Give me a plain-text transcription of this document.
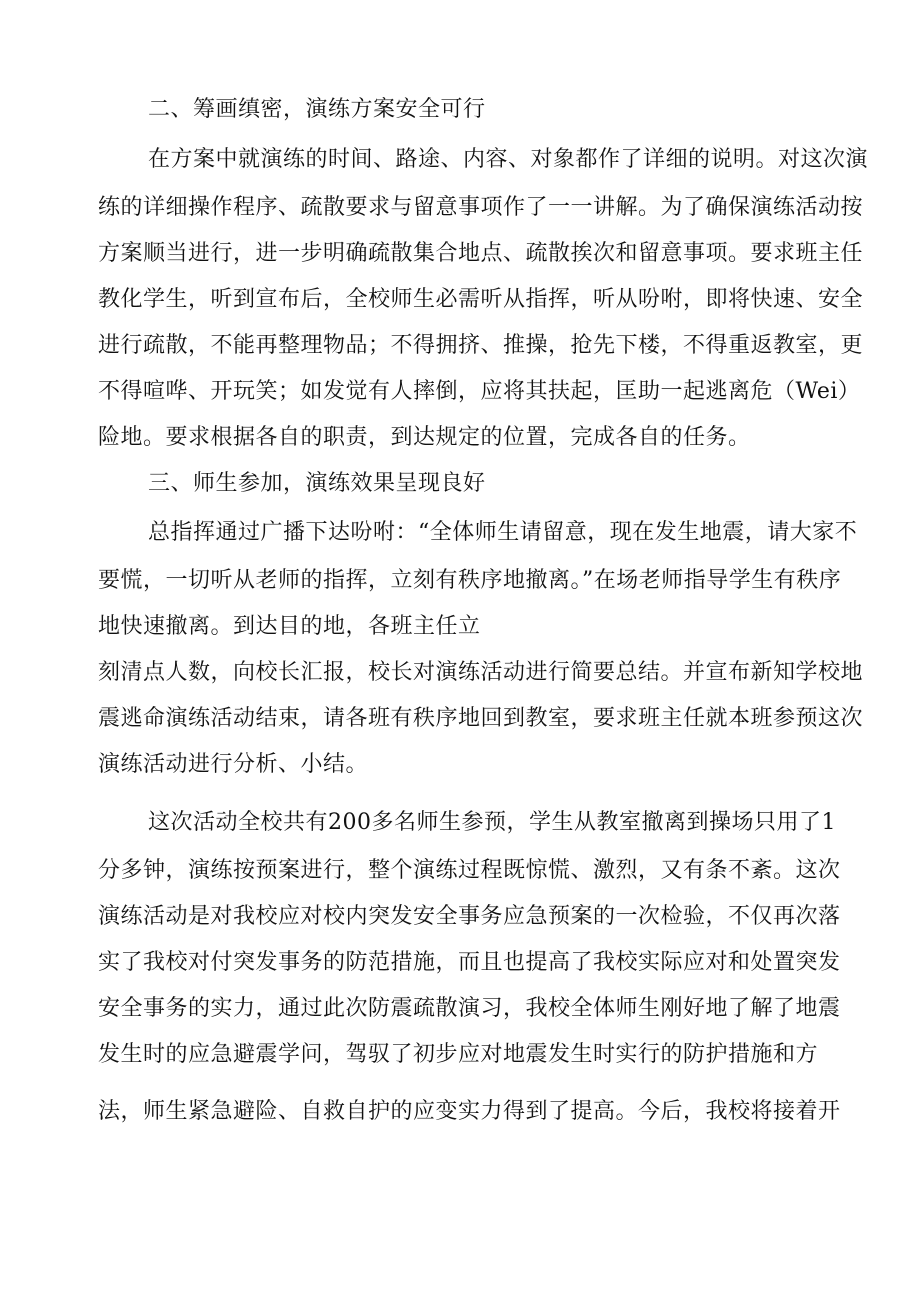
二、筹画缜密，演练方案安全可行
在方案中就演练的时间、路途、内容、对象都作了详细的说明。对这次演
练的详细操作程序、疏散要求与留意事项作了一一讲解。为了确保演练活动按
方案顺当进行，进一步明确疏散集合地点、疏散挨次和留意事项。要求班主任
教化学生，听到宣布后，全校师生必需听从指挥，听从吩咐，即将快速、安全
进行疏散，不能再整理物品；不得拥挤、推操，抢先下楼，不得重返教室，更
不得喧哗、开玩笑；如发觉有人摔倒，应将其扶起，匡助一起逃离危（Wei）
险地。要求根据各自的职责，到达规定的位置，完成各自的任务。
三、师生参加，演练效果呈现良好
总指挥通过广播下达吩咐：“全体师生请留意，现在发生地震，请大家不
要慌，一切听从老师的指挥，立刻有秩序地撤离。”在场老师指导学生有秩序
地快速撤离。到达目的地，各班主任立
刻清点人数，向校长汇报，校长对演练活动进行简要总结。并宣布新知学校地
震逃命演练活动结束，请各班有秩序地回到教室，要求班主任就本班参预这次
演练活动进行分析、小结。
这次活动全校共有200多名师生参预，学生从教室撤离到操场只用了1
分多钟，演练按预案进行，整个演练过程既惊慌、激烈，又有条不紊。这次
演练活动是对我校应对校内突发安全事务应急预案的一次检验，不仅再次落
实了我校对付突发事务的防范措施，而且也提高了我校实际应对和处置突发
安全事务的实力，通过此次防震疏散演习，我校全体师生刚好地了解了地震
发生时的应急避震学问，驾驭了初步应对地震发生时实行的防护措施和方
法，师生紧急避险、自救自护的应变实力得到了提高。今后，我校将接着开
